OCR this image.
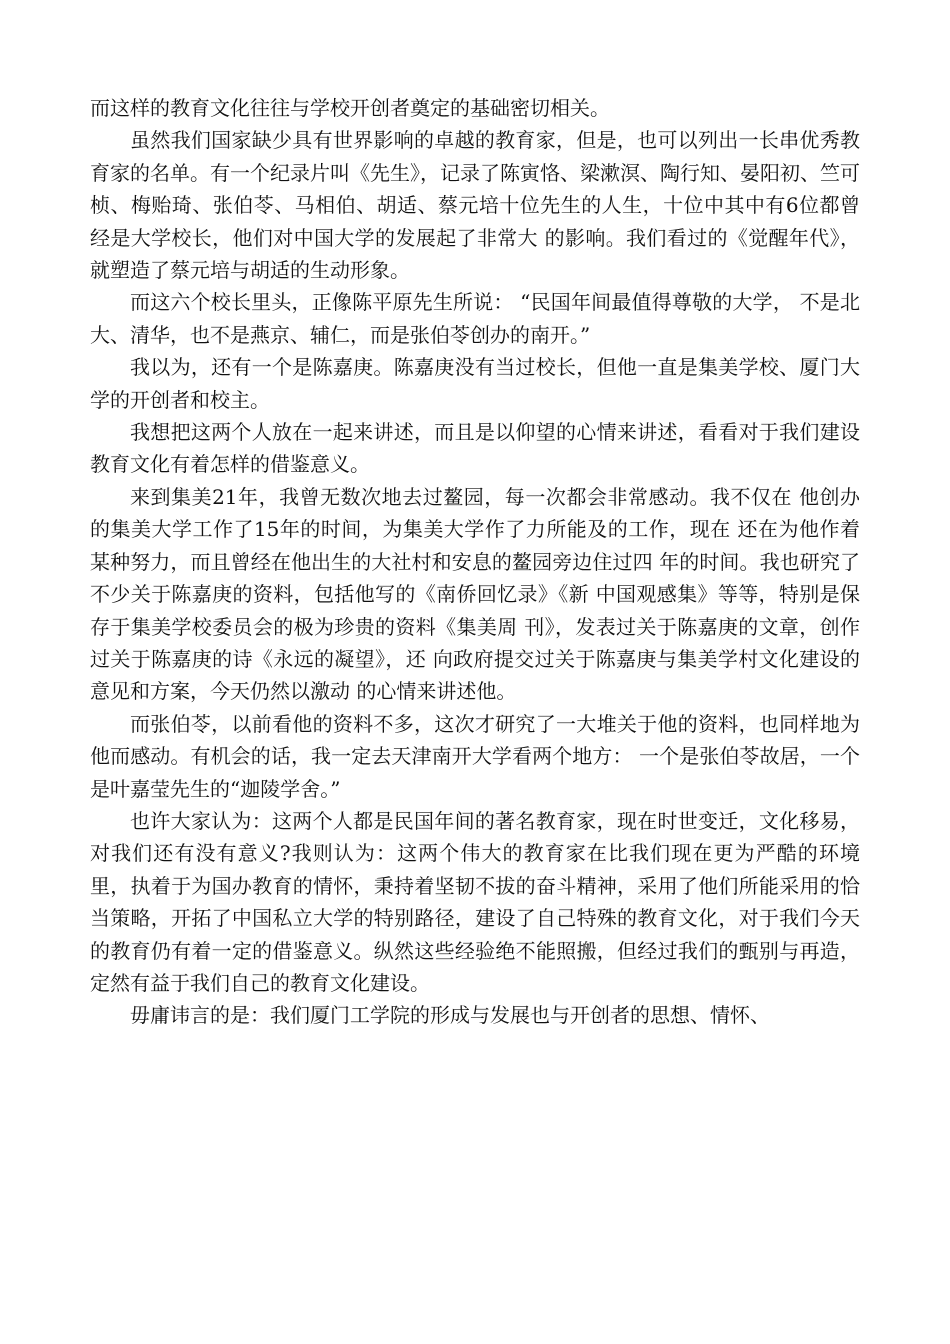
而这样的教育文化往往与学校开创者奠定的基础密切相关。

虽然我们国家缺少具有世界影响的卓越的教育家，但是，也可以列出一长串优秀教育家的名单。有一个纪录片叫《先生》，记录了陈寅恪、梁漱溟、陶行知、晏阳初、竺可桢、梅贻琦、张伯苓、马相伯、胡适、蔡元培十位先生的人生，十位中其中有6位都曾经是大学校长，他们对中国大学的发展起了非常大 的影响。我们看过的《觉醒年代》，就塑造了蔡元培与胡适的生动形象。

而这六个校长里头，正像陈平原先生所说： “民国年间最值得尊敬的大学， 不是北大、清华，也不是燕京、辅仁，而是张伯苓创办的南开。”

我以为，还有一个是陈嘉庚。陈嘉庚没有当过校长，但他一直是集美学校、厦门大学的开创者和校主。

我想把这两个人放在一起来讲述，而且是以仰望的心情来讲述，看看对于我们建设教育文化有着怎样的借鉴意义。

来到集美21年，我曾无数次地去过鳌园，每一次都会非常感动。我不仅在 他创办的集美大学工作了15年的时间，为集美大学作了力所能及的工作，现在 还在为他作着某种努力，而且曾经在他出生的大社村和安息的鳌园旁边住过四 年的时间。我也研究了不少关于陈嘉庚的资料，包括他写的《南侨回忆录》《新 中国观感集》等等，特别是保存于集美学校委员会的极为珍贵的资料《集美周 刊》，发表过关于陈嘉庚的文章，创作过关于陈嘉庚的诗《永远的凝望》，还 向政府提交过关于陈嘉庚与集美学村文化建设的意见和方案，今天仍然以激动 的心情来讲述他。

而张伯苓，以前看他的资料不多，这次才研究了一大堆关于他的资料，也同样地为他而感动。有机会的话，我一定去天津南开大学看两个地方： 一个是张伯苓故居，一个是叶嘉莹先生的“迦陵学舍。”

也许大家认为：这两个人都是民国年间的著名教育家，现在时世变迁，文化移易，对我们还有没有意义?我则认为：这两个伟大的教育家在比我们现在更为严酷的环境里，执着于为国办教育的情怀，秉持着坚韧不拔的奋斗精神，采用了他们所能采用的恰当策略，开拓了中国私立大学的特别路径，建设了自己特殊的教育文化，对于我们今天的教育仍有着一定的借鉴意义。纵然这些经验绝不能照搬，但经过我们的甄别与再造，定然有益于我们自己的教育文化建设。

毋庸讳言的是：我们厦门工学院的形成与发展也与开创者的思想、情怀、
